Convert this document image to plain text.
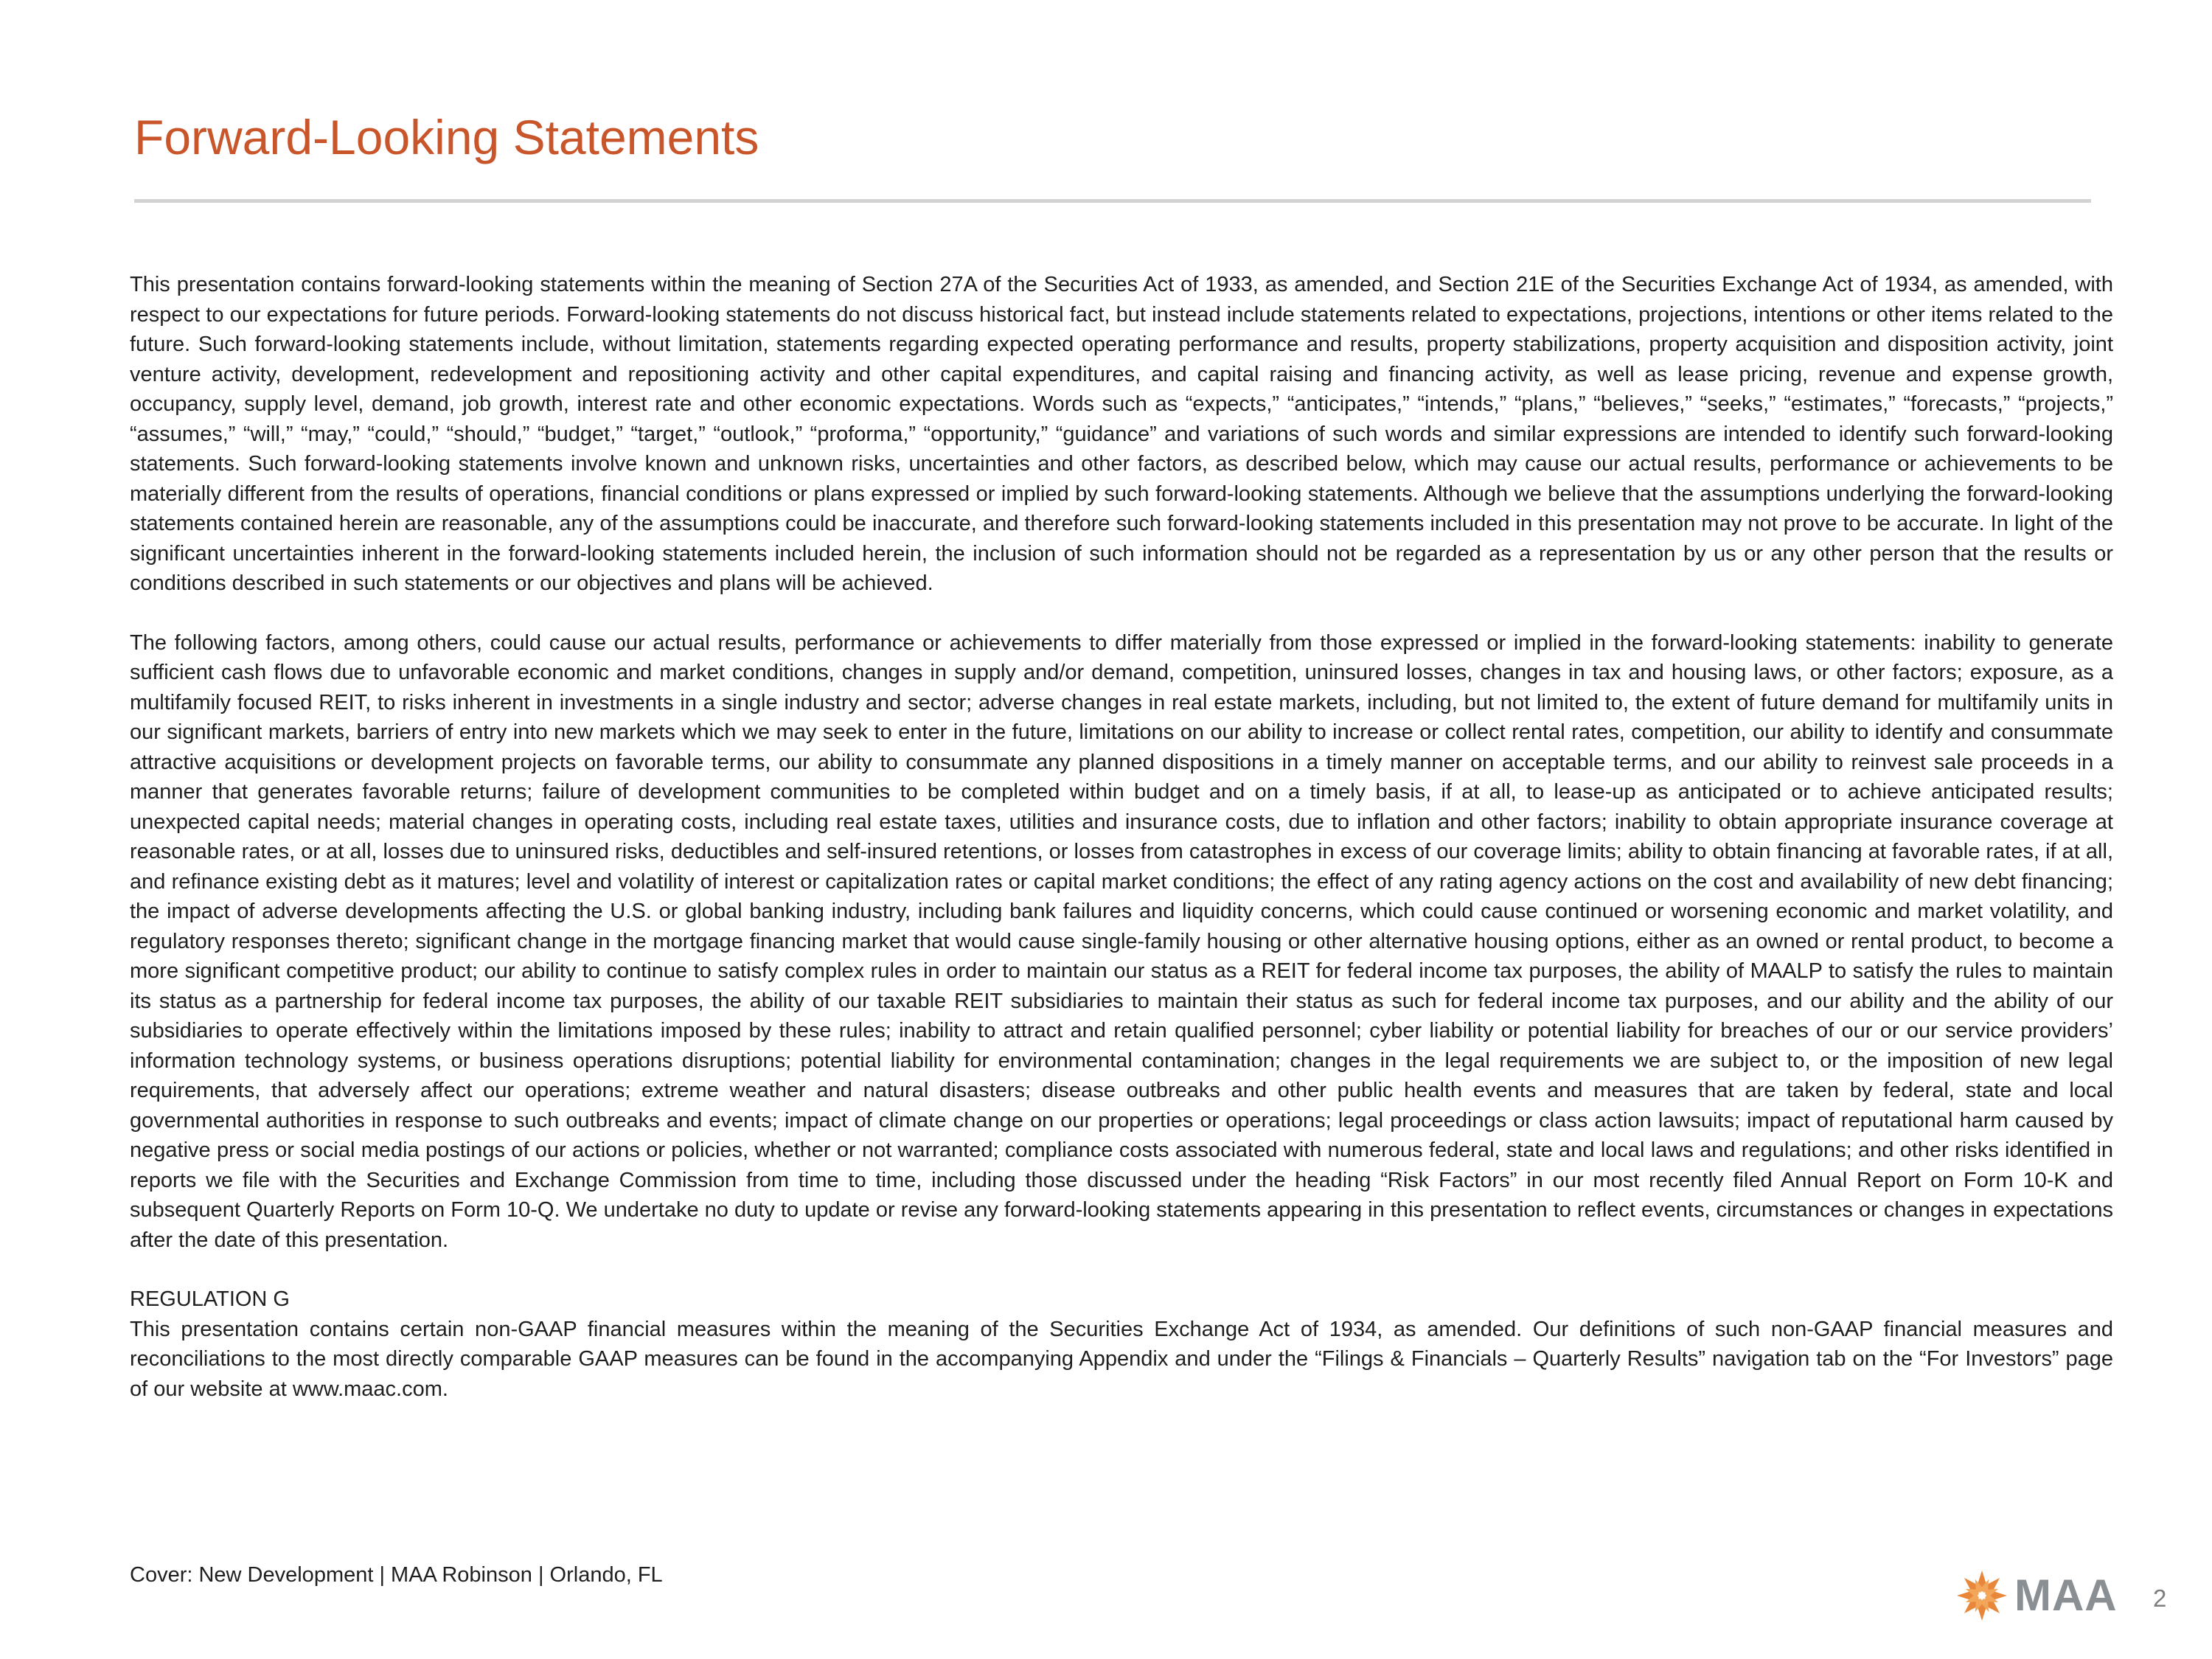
Forward-Looking Statements

This presentation contains forward-looking statements within the meaning of Section 27A of the Securities Act of 1933, as amended, and Section 21E of the Securities Exchange Act of 1934, as amended, with respect to our expectations for future periods. Forward-looking statements do not discuss historical fact, but instead include statements related to expectations, projections, intentions or other items related to the future. Such forward-looking statements include, without limitation, statements regarding expected operating performance and results, property stabilizations, property acquisition and disposition activity, joint venture activity, development, redevelopment and repositioning activity and other capital expenditures, and capital raising and financing activity, as well as lease pricing, revenue and expense growth, occupancy, supply level, demand, job growth, interest rate and other economic expectations. Words such as “expects,” “anticipates,” “intends,” “plans,” “believes,” “seeks,” “estimates,” “forecasts,” “projects,” “assumes,” “will,” “may,” “could,” “should,” “budget,” “target,” “outlook,” “proforma,” “opportunity,” “guidance” and variations of such words and similar expressions are intended to identify such forward-looking statements. Such forward-looking statements involve known and unknown risks, uncertainties and other factors, as described below, which may cause our actual results, performance or achievements to be materially different from the results of operations, financial conditions or plans expressed or implied by such forward-looking statements. Although we believe that the assumptions underlying the forward-looking statements contained herein are reasonable, any of the assumptions could be inaccurate, and therefore such forward-looking statements included in this presentation may not prove to be accurate. In light of the significant uncertainties inherent in the forward-looking statements included herein, the inclusion of such information should not be regarded as a representation by us or any other person that the results or conditions described in such statements or our objectives and plans will be achieved.

The following factors, among others, could cause our actual results, performance or achievements to differ materially from those expressed or implied in the forward-looking statements: inability to generate sufficient cash flows due to unfavorable economic and market conditions, changes in supply and/or demand, competition, uninsured losses, changes in tax and housing laws, or other factors; exposure, as a multifamily focused REIT, to risks inherent in investments in a single industry and sector; adverse changes in real estate markets, including, but not limited to, the extent of future demand for multifamily units in our significant markets, barriers of entry into new markets which we may seek to enter in the future, limitations on our ability to increase or collect rental rates, competition, our ability to identify and consummate attractive acquisitions or development projects on favorable terms, our ability to consummate any planned dispositions in a timely manner on acceptable terms, and our ability to reinvest sale proceeds in a manner that generates favorable returns; failure of development communities to be completed within budget and on a timely basis, if at all, to lease-up as anticipated or to achieve anticipated results; unexpected capital needs; material changes in operating costs, including real estate taxes, utilities and insurance costs, due to inflation and other factors; inability to obtain appropriate insurance coverage at reasonable rates, or at all, losses due to uninsured risks, deductibles and self-insured retentions, or losses from catastrophes in excess of our coverage limits; ability to obtain financing at favorable rates, if at all, and refinance existing debt as it matures; level and volatility of interest or capitalization rates or capital market conditions; the effect of any rating agency actions on the cost and availability of new debt financing; the impact of adverse developments affecting the U.S. or global banking industry, including bank failures and liquidity concerns, which could cause continued or worsening economic and market volatility, and regulatory responses thereto; significant change in the mortgage financing market that would cause single-family housing or other alternative housing options, either as an owned or rental product, to become a more significant competitive product; our ability to continue to satisfy complex rules in order to maintain our status as a REIT for federal income tax purposes, the ability of MAALP to satisfy the rules to maintain its status as a partnership for federal income tax purposes, the ability of our taxable REIT subsidiaries to maintain their status as such for federal income tax purposes, and our ability and the ability of our subsidiaries to operate effectively within the limitations imposed by these rules; inability to attract and retain qualified personnel; cyber liability or potential liability for breaches of our or our service providers’ information technology systems, or business operations disruptions; potential liability for environmental contamination; changes in the legal requirements we are subject to, or the imposition of new legal requirements, that adversely affect our operations; extreme weather and natural disasters; disease outbreaks and other public health events and measures that are taken by federal, state and local governmental authorities in response to such outbreaks and events; impact of climate change on our properties or operations; legal proceedings or class action lawsuits; impact of reputational harm caused by negative press or social media postings of our actions or policies, whether or not warranted; compliance costs associated with numerous federal, state and local laws and regulations; and other risks identified in reports we file with the Securities and Exchange Commission from time to time, including those discussed under the heading “Risk Factors” in our most recently filed Annual Report on Form 10-K and subsequent Quarterly Reports on Form 10-Q. We undertake no duty to update or revise any forward-looking statements appearing in this presentation to reflect events, circumstances or changes in expectations after the date of this presentation.

REGULATION G

This presentation contains certain non-GAAP financial measures within the meaning of the Securities Exchange Act of 1934, as amended. Our definitions of such non-GAAP financial measures and reconciliations to the most directly comparable GAAP measures can be found in the accompanying Appendix and under the “Filings & Financials – Quarterly Results” navigation tab on the “For Investors” page of our website at www.maac.com.

Cover: New Development | MAA Robinson | Orlando, FL	MAA 2
